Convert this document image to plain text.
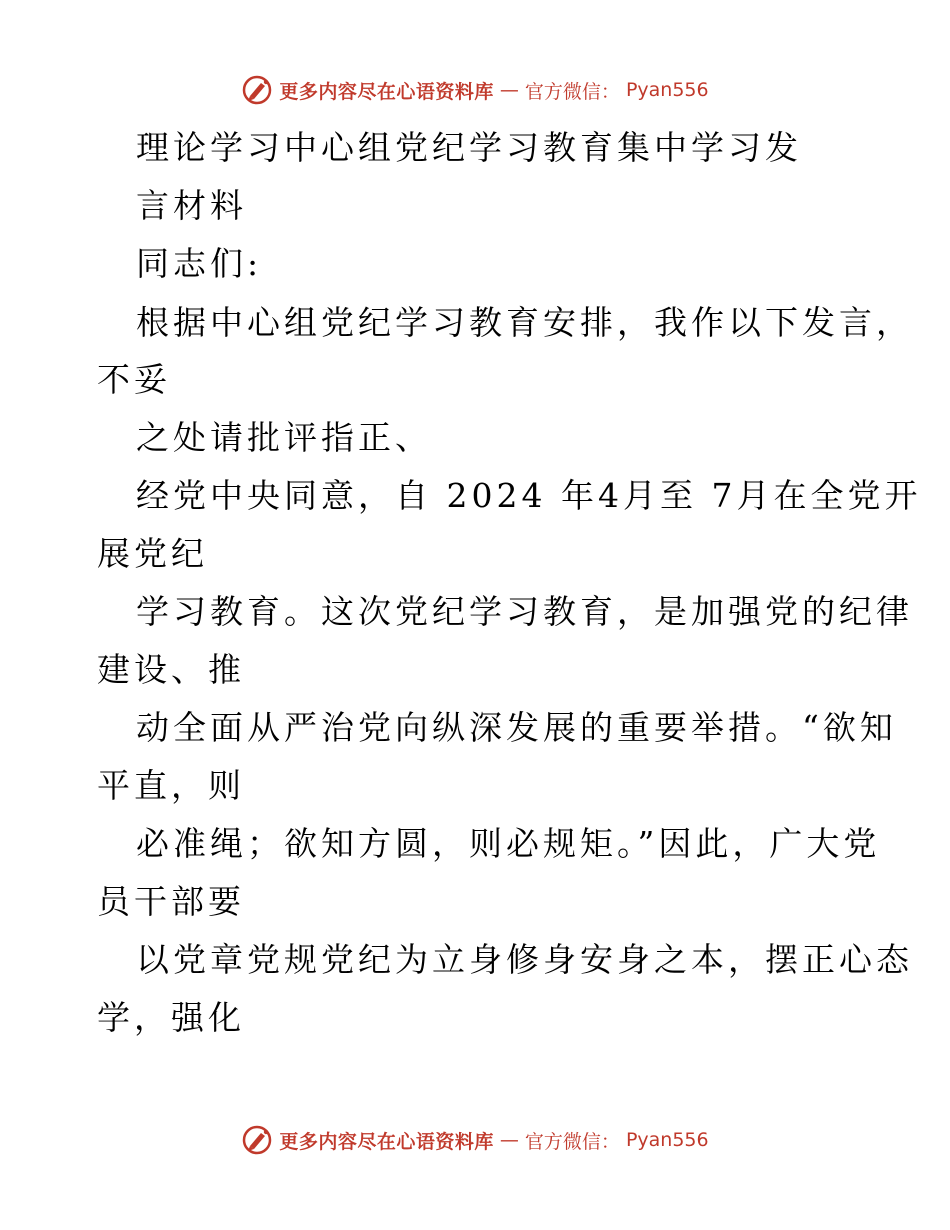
更多内容尽在心语资料库 — 官方微信： Pyan556
理论学习中心组党纪学习教育集中学习发
言材料
同志们:
根据中心组党纪学习教育安排，我作以下发言，
不妥
之处请批评指正、
经党中央同意，自 2024 年4月至 7月在全党开
展党纪
学习教育。这次党纪学习教育，是加强党的纪律
建设、推
动全面从严治党向纵深发展的重要举措。“欲知
平直，则
必准绳；欲知方圆，则必规矩。”因此，广大党
员干部要
以党章党规党纪为立身修身安身之本，摆正心态
学，强化
更多内容尽在心语资料库 — 官方微信： Pyan556
